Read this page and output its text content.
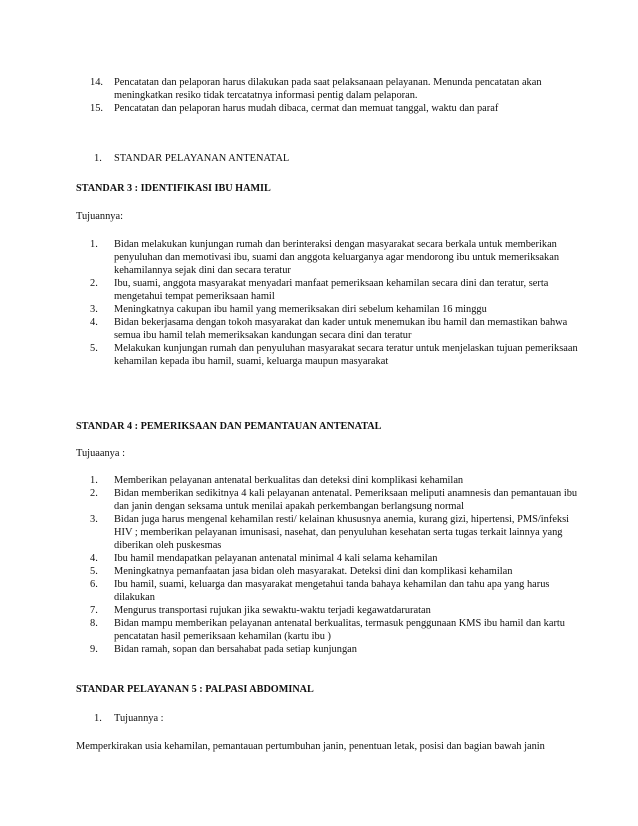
14. Pencatatan dan pelaporan harus dilakukan pada saat pelaksanaan pelayanan. Menunda pencatatan akan meningkatkan resiko tidak tercatatnya informasi pentig dalam pelaporan.
15. Pencatatan dan pelaporan harus mudah dibaca, cermat dan memuat tanggal, waktu dan paraf
1. STANDAR PELAYANAN ANTENATAL
STANDAR 3 : IDENTIFIKASI IBU HAMIL
Tujuannya:
1. Bidan melakukan kunjungan rumah dan berinteraksi dengan masyarakat secara berkala untuk memberikan penyuluhan dan memotivasi ibu, suami dan anggota keluarganya agar mendorong ibu untuk memeriksakan kehamilannya sejak dini dan secara teratur
2. Ibu, suami, anggota masyarakat menyadari manfaat pemeriksaan kehamilan secara dini dan teratur, serta mengetahui tempat pemeriksaan hamil
3. Meningkatnya cakupan ibu hamil yang memeriksakan diri sebelum kehamilan 16 minggu
4. Bidan bekerjasama dengan tokoh masyarakat dan kader untuk menemukan ibu hamil dan memastikan bahwa semua ibu hamil telah memeriksakan kandungan secara dini dan teratur
5. Melakukan kunjungan rumah dan penyuluhan masyarakat secara teratur untuk menjelaskan tujuan pemeriksaan kehamilan kepada ibu hamil, suami, keluarga maupun masyarakat
STANDAR 4 : PEMERIKSAAN DAN PEMANTAUAN ANTENATAL
Tujuaanya :
1. Memberikan pelayanan antenatal berkualitas dan deteksi dini komplikasi kehamilan
2. Bidan memberikan sedikitnya 4 kali pelayanan antenatal. Pemeriksaan meliputi anamnesis dan pemantauan ibu dan janin dengan seksama untuk menilai apakah perkembangan berlangsung normal
3. Bidan juga harus mengenal kehamilan resti/ kelainan khususnya anemia, kurang gizi, hipertensi, PMS/infeksi HIV ; memberikan pelayanan imunisasi, nasehat, dan penyuluhan kesehatan serta tugas terkait lainnya yang diberikan oleh puskesmas
4. Ibu hamil mendapatkan pelayanan antenatal minimal 4 kali selama kehamilan
5. Meningkatnya pemanfaatan jasa bidan oleh masyarakat. Deteksi dini dan komplikasi kehamilan
6. Ibu hamil, suami, keluarga dan masyarakat mengetahui tanda bahaya kehamilan dan tahu apa yang harus dilakukan
7. Mengurus transportasi rujukan jika sewaktu-waktu terjadi kegawatdaruratan
8. Bidan mampu memberikan pelayanan antenatal berkualitas, termasuk penggunaan KMS ibu hamil dan kartu pencatatan hasil pemeriksaan kehamilan (kartu ibu )
9. Bidan ramah, sopan dan bersahabat pada setiap kunjungan
STANDAR PELAYANAN 5 : PALPASI ABDOMINAL
1. Tujuannya :
Memperkirakan usia kehamilan, pemantauan pertumbuhan janin, penentuan letak, posisi dan bagian bawah janin
